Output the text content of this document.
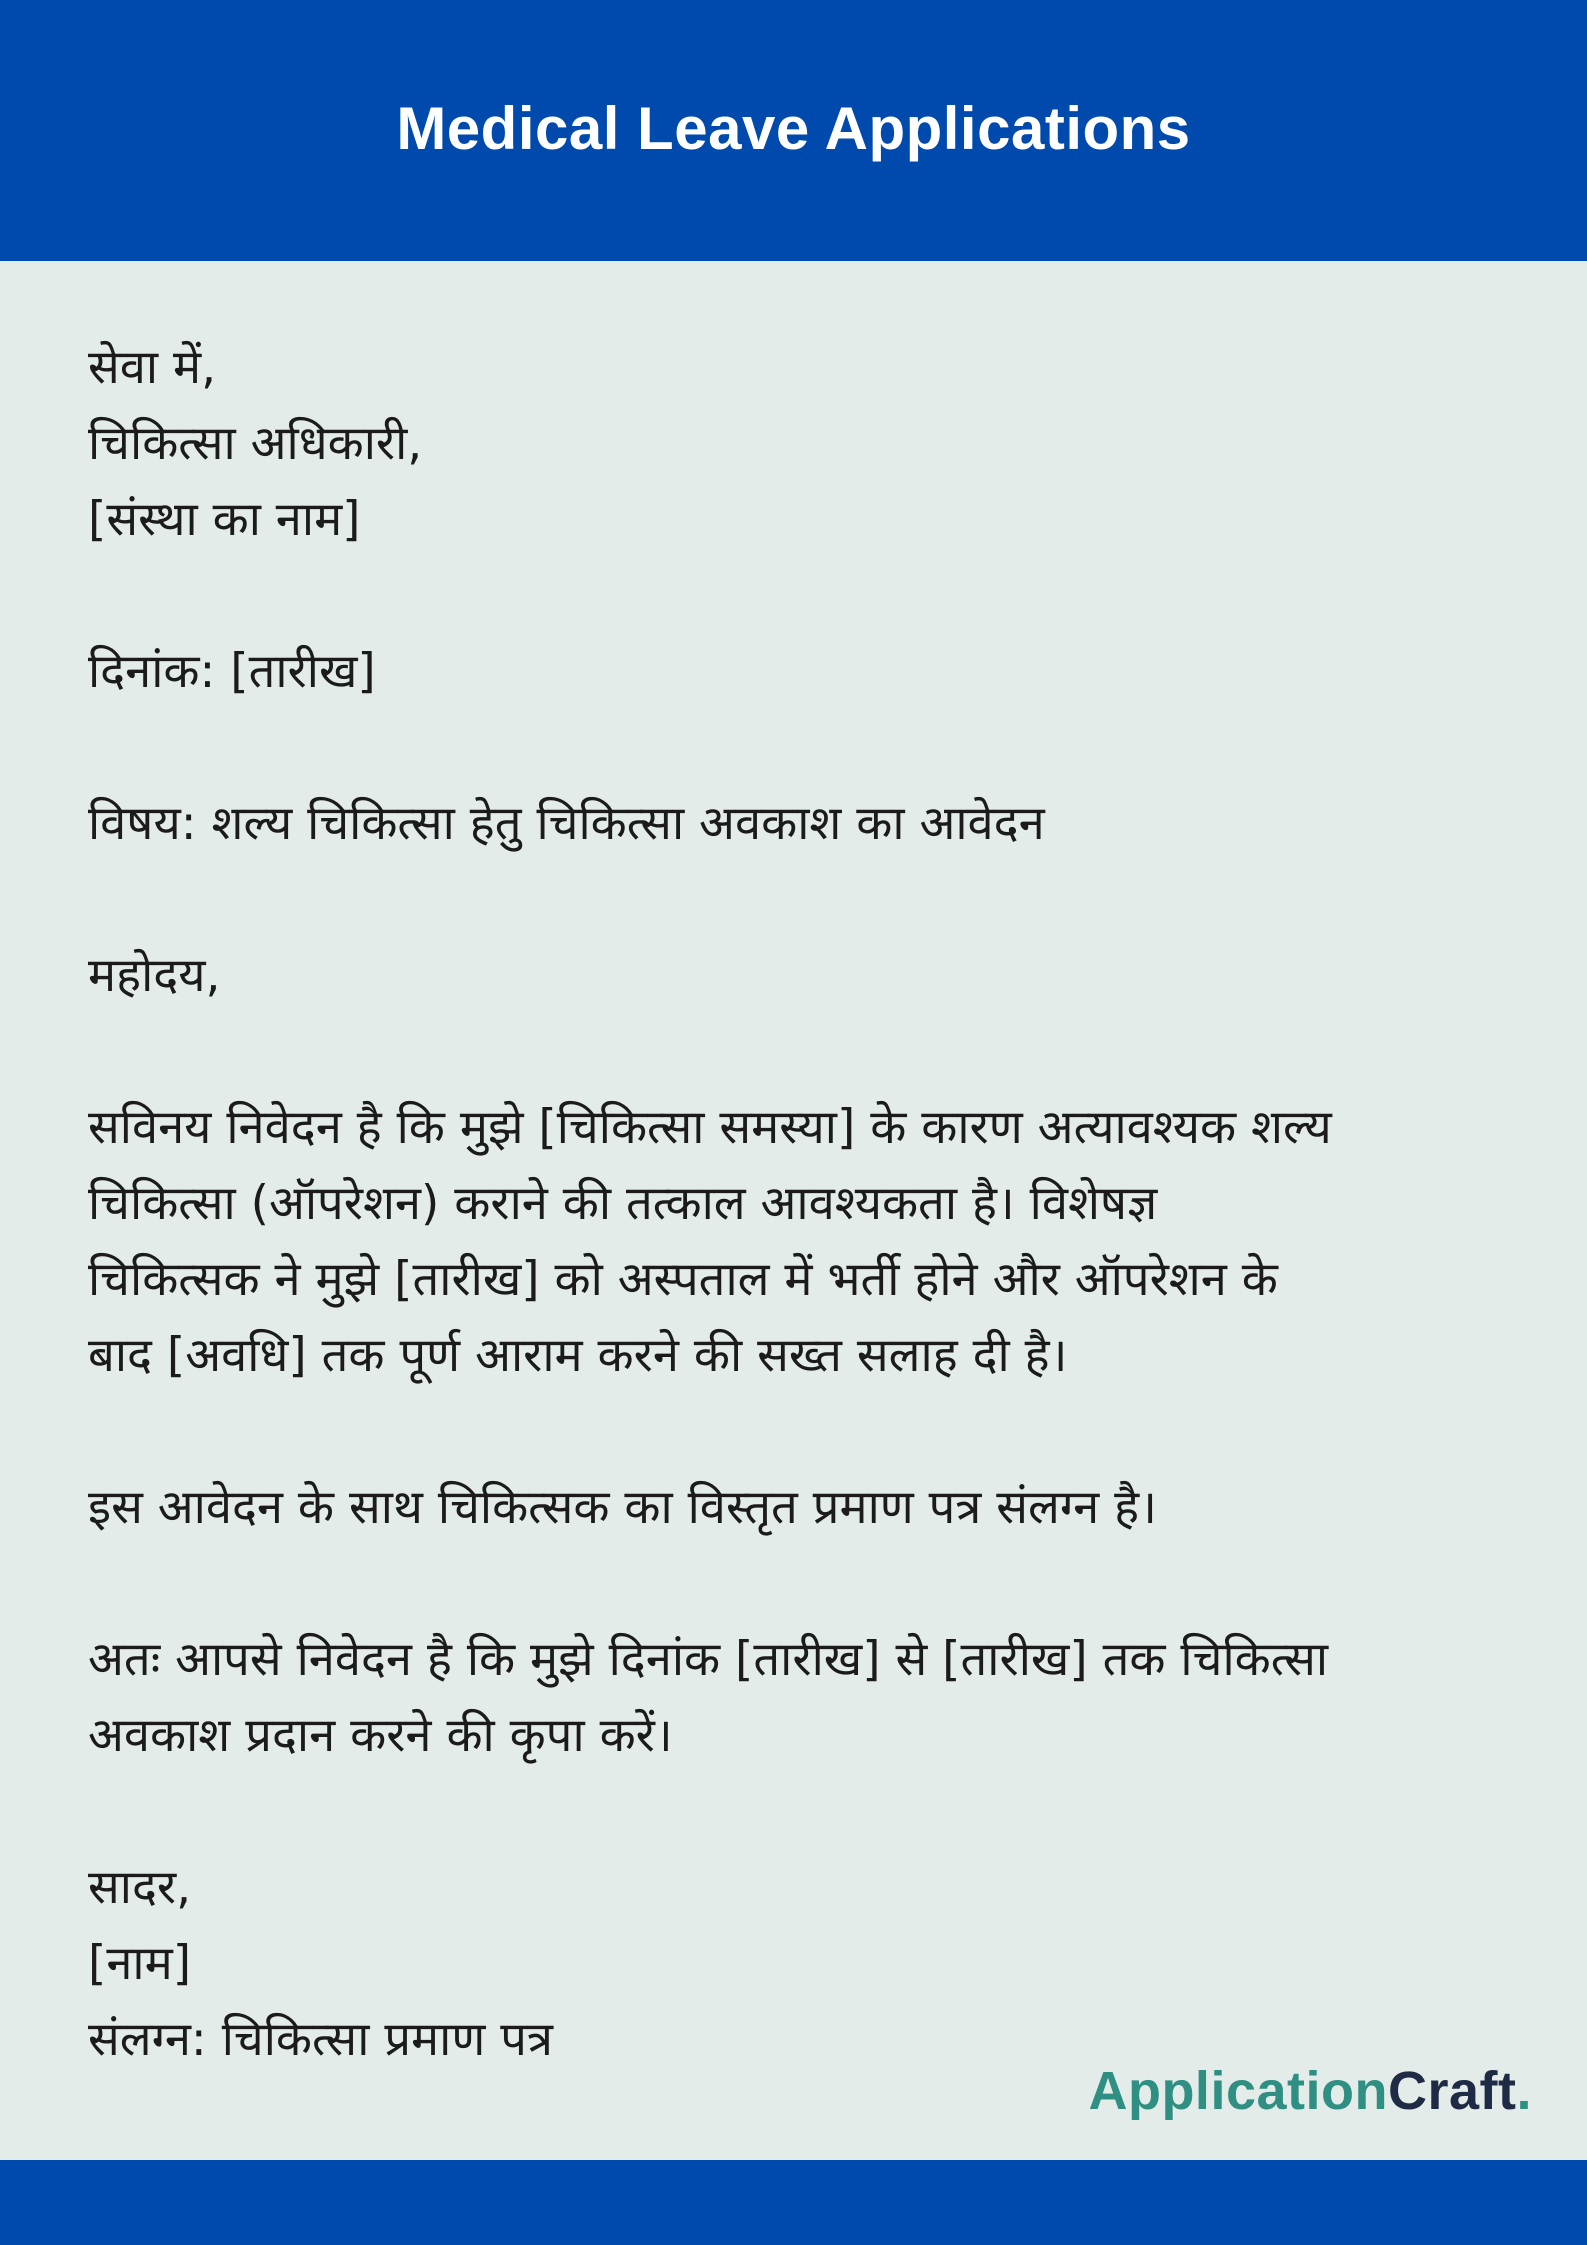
Medical Leave Applications
सेवा में,
चिकित्सा अधिकारी,
[संस्था का नाम]
दिनांक: [तारीख]
विषय: शल्य चिकित्सा हेतु चिकित्सा अवकाश का आवेदन
महोदय,
सविनय निवेदन है कि मुझे [चिकित्सा समस्या] के कारण अत्यावश्यक शल्य
चिकित्सा (ऑपरेशन) कराने की तत्काल आवश्यकता है। विशेषज्ञ
चिकित्सक ने मुझे [तारीख] को अस्पताल में भर्ती होने और ऑपरेशन के
बाद [अवधि] तक पूर्ण आराम करने की सख्त सलाह दी है।
इस आवेदन के साथ चिकित्सक का विस्तृत प्रमाण पत्र संलग्न है।
अतः आपसे निवेदन है कि मुझे दिनांक [तारीख] से [तारीख] तक चिकित्सा
अवकाश प्रदान करने की कृपा करें।
सादर,
[नाम]
संलग्न: चिकित्सा प्रमाण पत्र
ApplicationCraft.
